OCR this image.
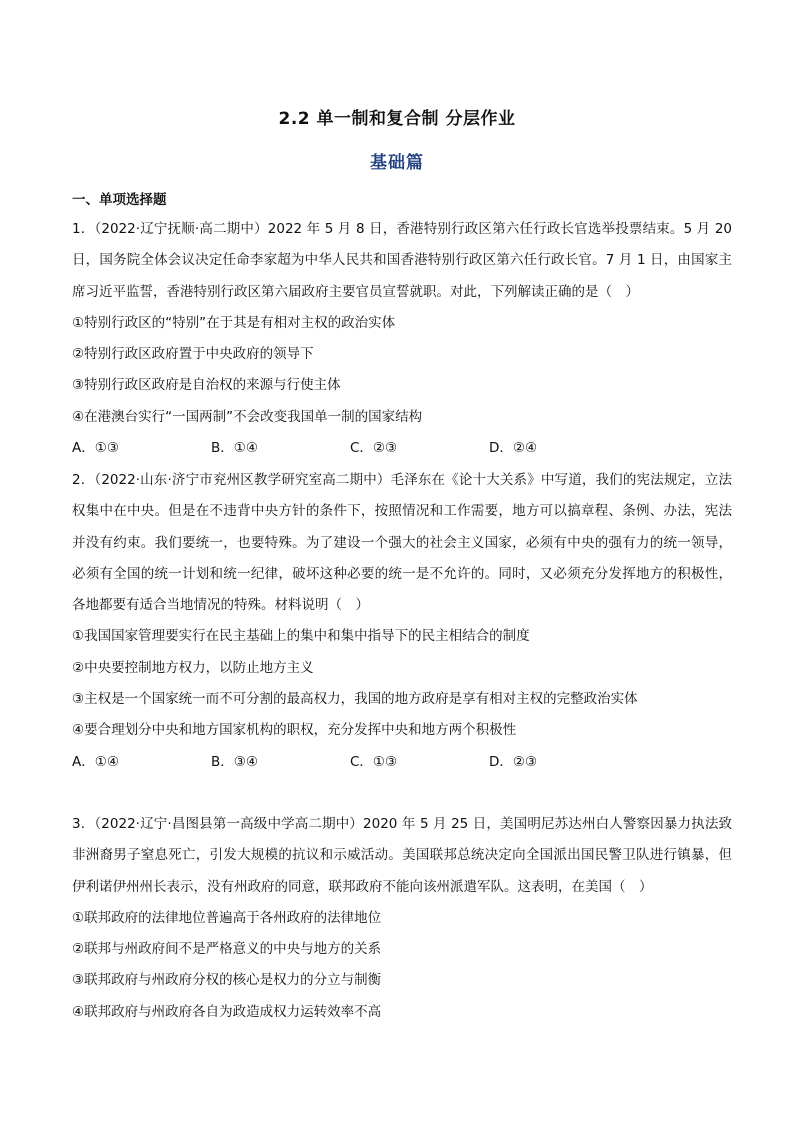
2.2 单一制和复合制 分层作业
基础篇
一、单项选择题

1．（2022·辽宁抚顺·高二期中）2022 年 5 月 8 日，香港特别行政区第六任行政长官选举投票结束。5 月 20 日，国务院全体会议决定任命李家超为中华人民共和国香港特别行政区第六任行政长官。7 月 1 日，由国家主席习近平监誓，香港特别行政区第六届政府主要官员宣誓就职。对此，下列解读正确的是（　）

①特别行政区的“特别”在于其是有相对主权的政治实体

②特别行政区政府置于中央政府的领导下

③特别行政区政府是自治权的来源与行使主体

④在港澳台实行“一国两制”不会改变我国单一制的国家结构

A．①③	B．①④	C．②③	D．②④

2．（2022·山东·济宁市兖州区教学研究室高二期中）毛泽东在《论十大关系》中写道，我们的宪法规定，立法权集中在中央。但是在不违背中央方针的条件下，按照情况和工作需要，地方可以搞章程、条例、办法，宪法并没有约束。我们要统一，也要特殊。为了建设一个强大的社会主义国家，必须有中央的强有力的统一领导，必须有全国的统一计划和统一纪律，破坏这种必要的统一是不允许的。同时，又必须充分发挥地方的积极性，各地都要有适合当地情况的特殊。材料说明（　）

①我国国家管理要实行在民主基础上的集中和集中指导下的民主相结合的制度

②中央要控制地方权力，以防止地方主义

③主权是一个国家统一而不可分割的最高权力，我国的地方政府是享有相对主权的完整政治实体

④要合理划分中央和地方国家机构的职权，充分发挥中央和地方两个积极性

A．①④	B．③④	C．①③	D．②③

3．（2022·辽宁·昌图县第一高级中学高二期中）2020 年 5 月 25 日，美国明尼苏达州白人警察因暴力执法致非洲裔男子窒息死亡，引发大规模的抗议和示威活动。美国联邦总统决定向全国派出国民警卫队进行镇暴，但伊利诺伊州州长表示，没有州政府的同意，联邦政府不能向该州派遣军队。这表明，在美国（　）

①联邦政府的法律地位普遍高于各州政府的法律地位

②联邦与州政府间不是严格意义的中央与地方的关系

③联邦政府与州政府分权的核心是权力的分立与制衡

④联邦政府与州政府各自为政造成权力运转效率不高
